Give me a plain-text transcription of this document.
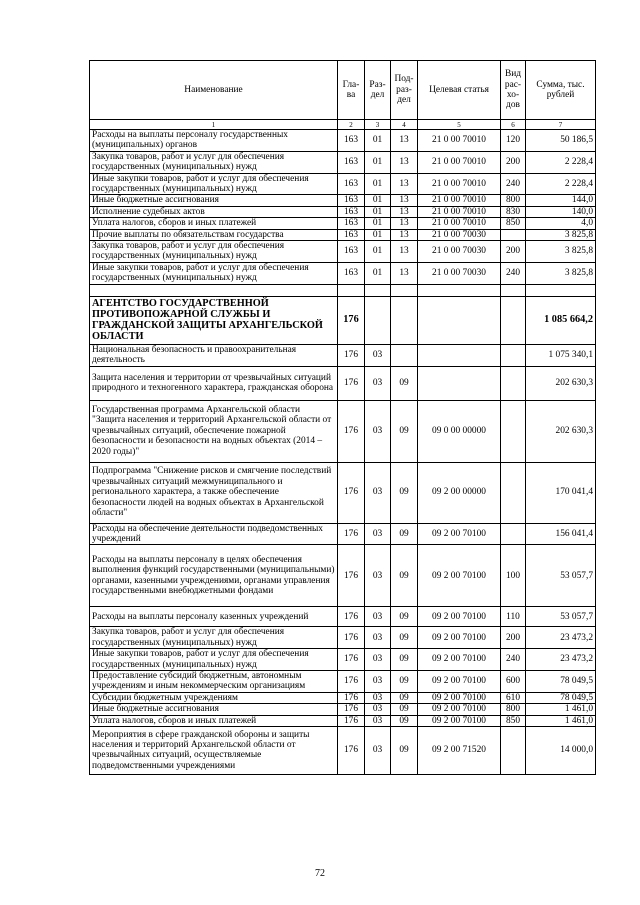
Наименование	Гла-ва	Раз-дел	Под-раз-дел	Целевая статья	Вид рас-хо-дов	Сумма, тыс. рублей
1	2	3	4	5	6	7
Расходы на выплаты персоналу государственных (муниципальных) органов	163	01	13	21 0 00 70010	120	50 186,5
Закупка товаров, работ и услуг для обеспечения государственных (муниципальных) нужд	163	01	13	21 0 00 70010	200	2 228,4
Иные закупки товаров, работ и услуг для обеспечения государственных (муниципальных) нужд	163	01	13	21 0 00 70010	240	2 228,4
Иные бюджетные ассигнования	163	01	13	21 0 00 70010	800	144,0
Исполнение судебных актов	163	01	13	21 0 00 70010	830	140,0
Уплата налогов, сборов и иных платежей	163	01	13	21 0 00 70010	850	4,0
Прочие выплаты по обязательствам государства	163	01	13	21 0 00 70030		3 825,8
Закупка товаров, работ и услуг для обеспечения государственных (муниципальных) нужд	163	01	13	21 0 00 70030	200	3 825,8
Иные закупки товаров, работ и услуг для обеспечения государственных (муниципальных) нужд	163	01	13	21 0 00 70030	240	3 825,8

АГЕНТСТВО ГОСУДАРСТВЕННОЙ ПРОТИВОПОЖАРНОЙ СЛУЖБЫ И ГРАЖДАНСКОЙ ЗАЩИТЫ АРХАНГЕЛЬСКОЙ ОБЛАСТИ	176					1 085 664,2
Национальная безопасность и правоохранительная деятельность	176	03				1 075 340,1
Защита населения и территории от чрезвычайных ситуаций природного и техногенного характера, гражданская оборона	176	03	09			202 630,3
Государственная программа Архангельской области "Защита населения и территорий Архангельской области от чрезвычайных ситуаций, обеспечение пожарной безопасности и безопасности на водных объектах (2014 – 2020 годы)"	176	03	09	09 0 00 00000		202 630,3
Подпрограмма "Снижение рисков и смягчение последствий чрезвычайных ситуаций межмуниципального и регионального характера, а также обеспечение безопасности людей на водных объектах в Архангельской области"	176	03	09	09 2 00 00000		170 041,4
Расходы на обеспечение деятельности подведомственных учреждений	176	03	09	09 2 00 70100		156 041,4
Расходы на выплаты персоналу в целях обеспечения выполнения функций государственными (муниципальными) органами, казенными учреждениями, органами управления государственными внебюджетными фондами	176	03	09	09 2 00 70100	100	53 057,7
Расходы на выплаты персоналу казенных учреждений	176	03	09	09 2 00 70100	110	53 057,7
Закупка товаров, работ и услуг для обеспечения государственных (муниципальных) нужд	176	03	09	09 2 00 70100	200	23 473,2
Иные закупки товаров, работ и услуг для обеспечения государственных (муниципальных) нужд	176	03	09	09 2 00 70100	240	23 473,2
Предоставление субсидий бюджетным, автономным учреждениям и иным некоммерческим организациям	176	03	09	09 2 00 70100	600	78 049,5
Субсидии бюджетным учреждениям	176	03	09	09 2 00 70100	610	78 049,5
Иные бюджетные ассигнования	176	03	09	09 2 00 70100	800	1 461,0
Уплата налогов, сборов и иных платежей	176	03	09	09 2 00 70100	850	1 461,0
Мероприятия в сфере гражданской обороны и защиты населения и территорий Архангельской области от чрезвычайных ситуаций, осуществляемые подведомственными учреждениями	176	03	09	09 2 00 71520		14 000,0
72
